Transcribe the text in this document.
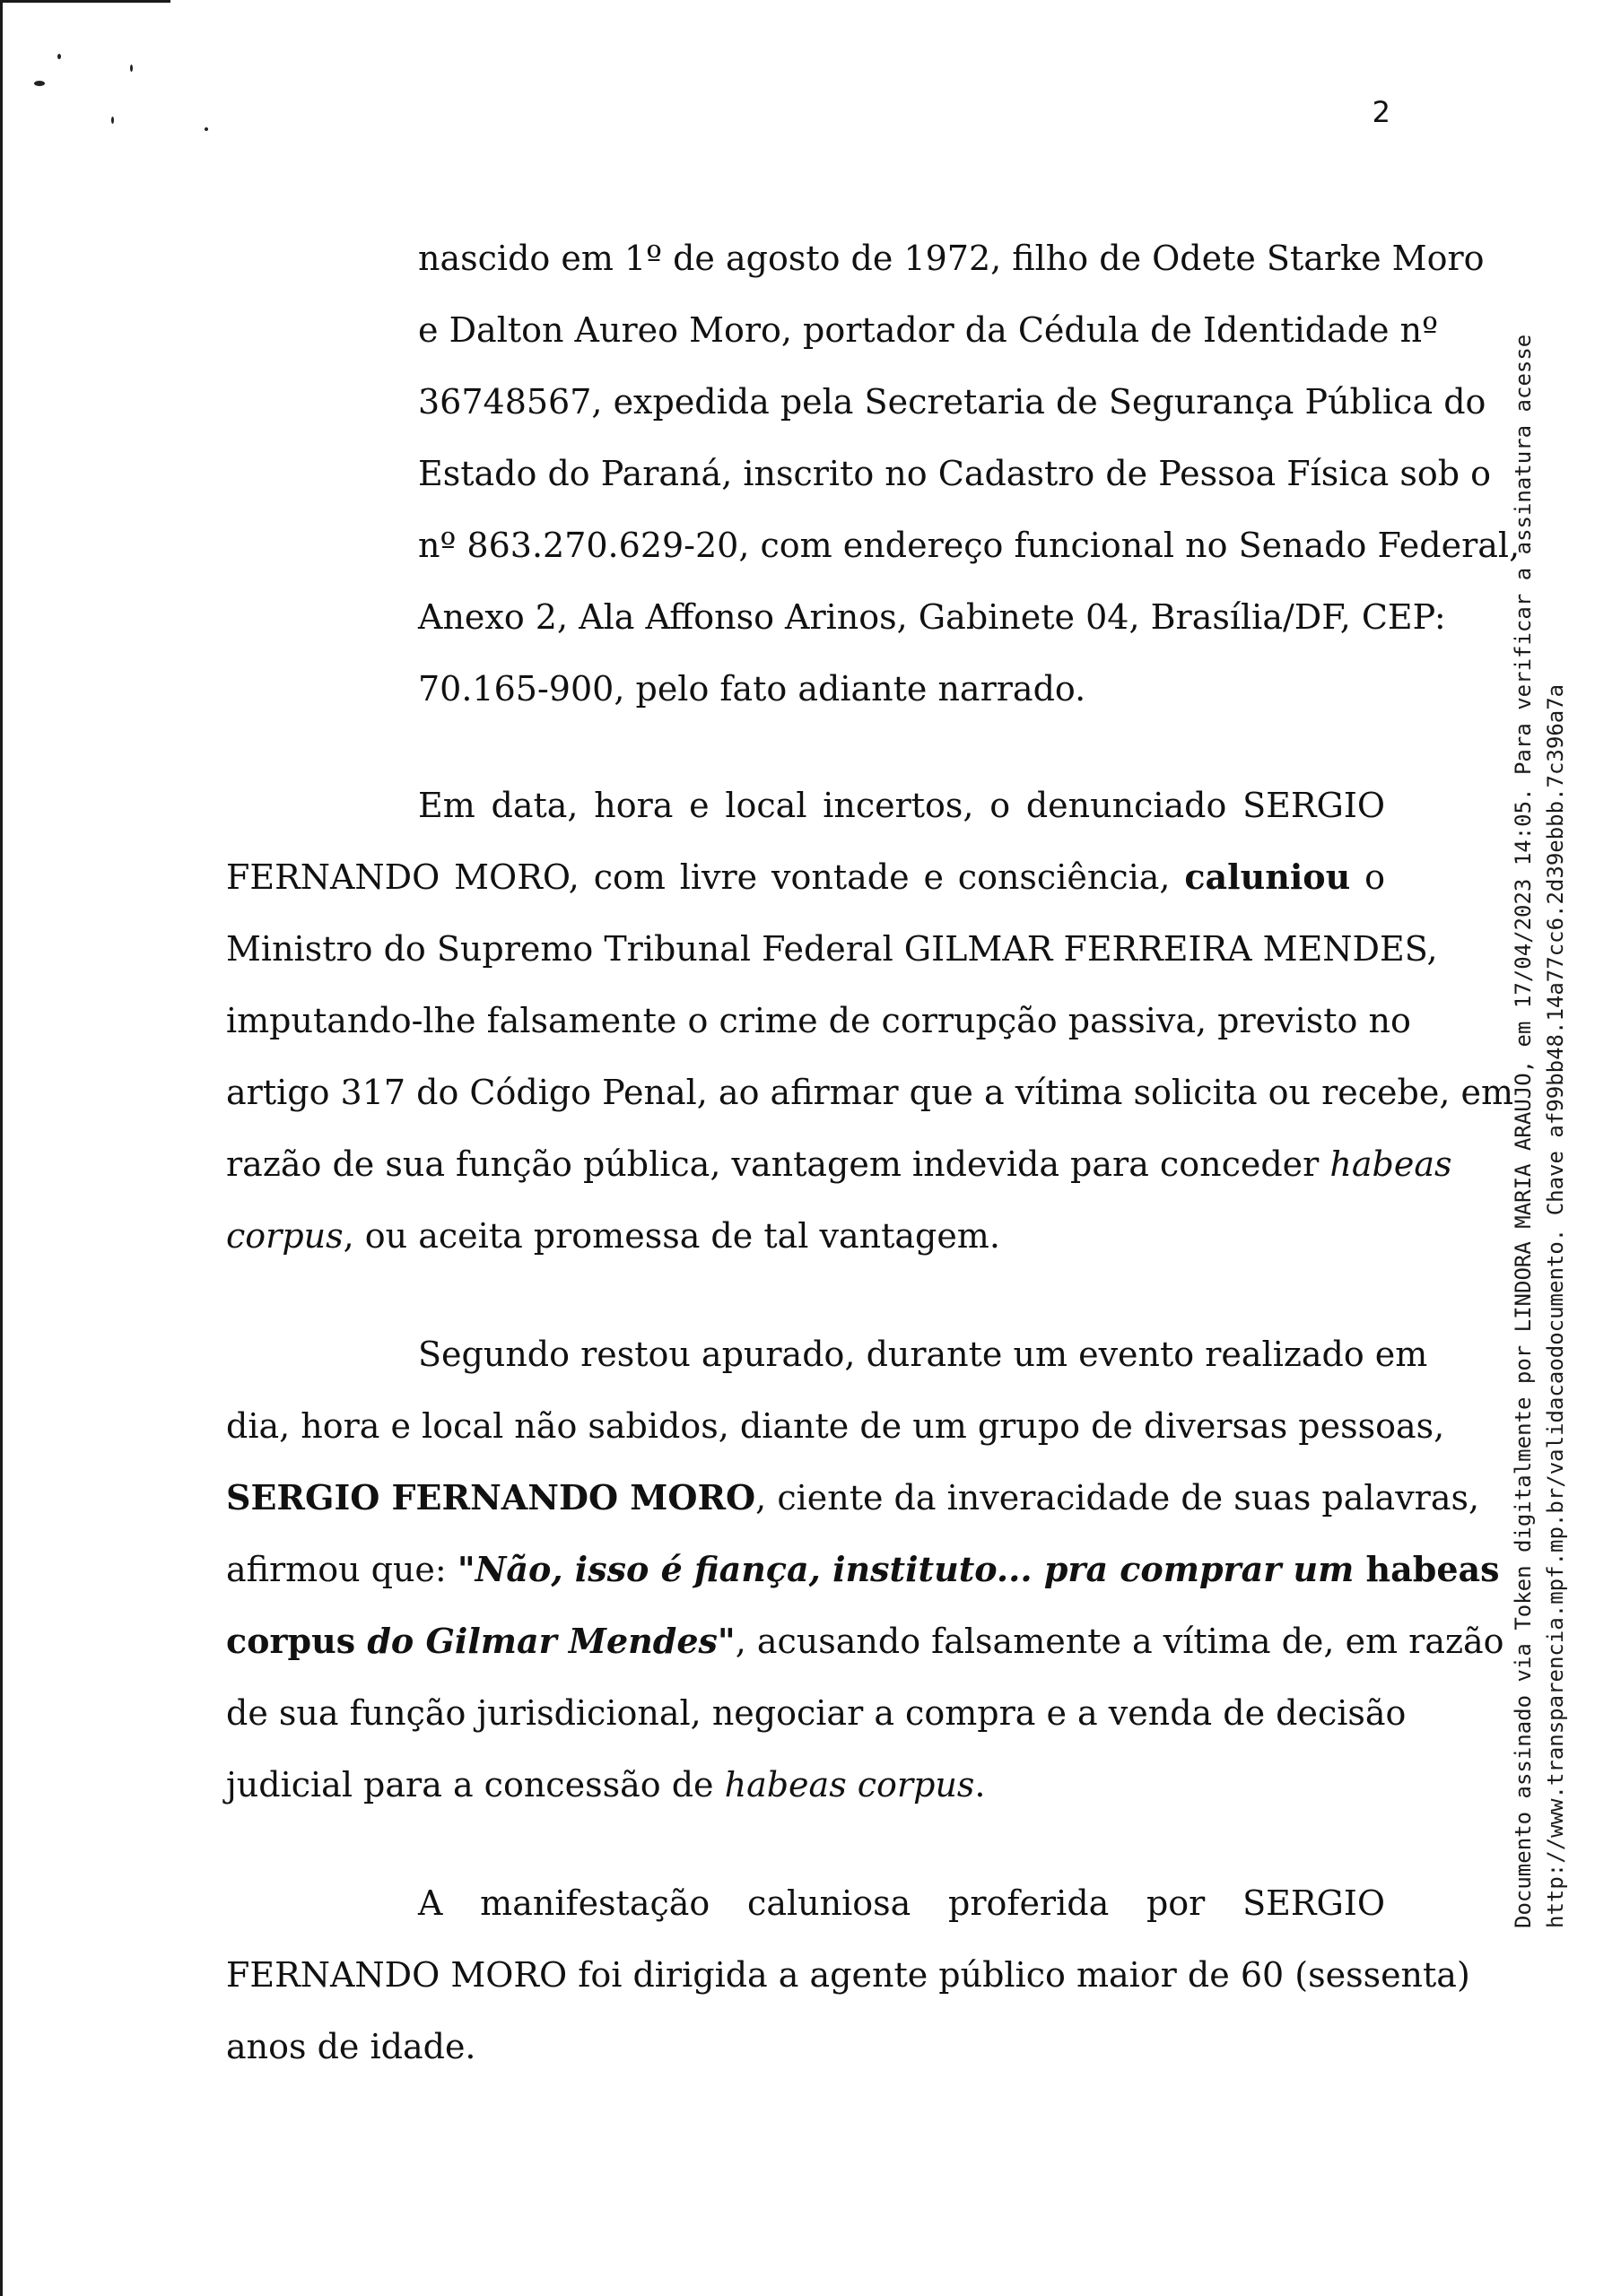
2
nascido em 1º de agosto de 1972, filho de Odete Starke Moro
e Dalton Aureo Moro, portador da Cédula de Identidade nº
36748567, expedida pela Secretaria de Segurança Pública do
Estado do Paraná, inscrito no Cadastro de Pessoa Física sob o
nº 863.270.629-20, com endereço funcional no Senado Federal,
Anexo 2, Ala Affonso Arinos, Gabinete 04, Brasília/DF, CEP:
70.165-900, pelo fato adiante narrado.
Em data, hora e local incertos, o denunciado SERGIO
FERNANDO MORO, com livre vontade e consciência, caluniou o
Ministro do Supremo Tribunal Federal GILMAR FERREIRA MENDES,
imputando-lhe falsamente o crime de corrupção passiva, previsto no
artigo 317 do Código Penal, ao afirmar que a vítima solicita ou recebe, em
razão de sua função pública, vantagem indevida para conceder habeas
corpus, ou aceita promessa de tal vantagem.
Segundo restou apurado, durante um evento realizado em
dia, hora e local não sabidos, diante de um grupo de diversas pessoas,
SERGIO FERNANDO MORO, ciente da inveracidade de suas palavras,
afirmou que: "Não, isso é fiança, instituto... pra comprar um habeas
corpus do Gilmar Mendes", acusando falsamente a vítima de, em razão
de sua função jurisdicional, negociar a compra e a venda de decisão
judicial para a concessão de habeas corpus.
A manifestação caluniosa proferida por SERGIO
FERNANDO MORO foi dirigida a agente público maior de 60 (sessenta)
anos de idade.
Documento assinado via Token digitalmente por LINDORA MARIA ARAUJO, em 17/04/2023 14:05. Para verificar a assinatura acesse http://www.transparencia.mpf.mp.br/validacaodocumento. Chave af99bb48.14a77cc6.2d39ebbb.7c396a7a
